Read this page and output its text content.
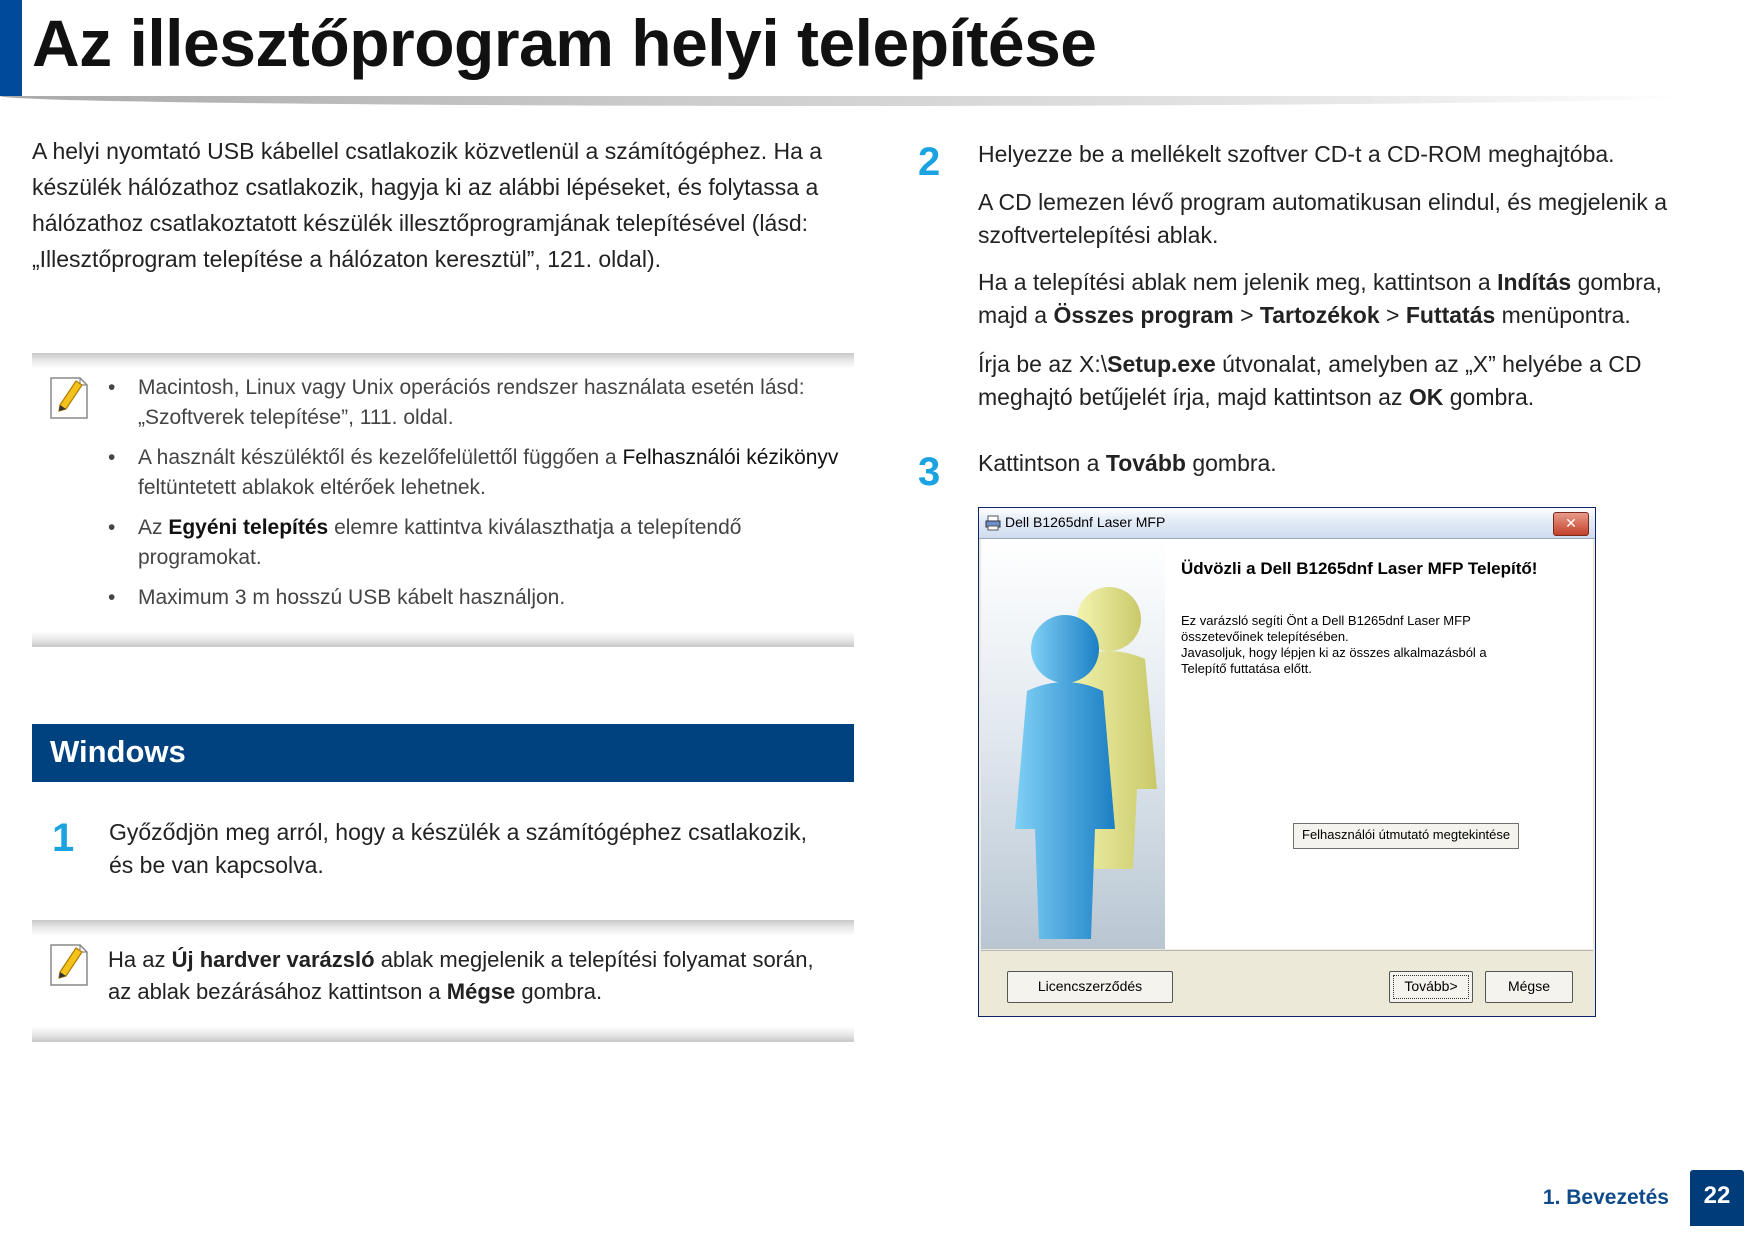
Az illesztőprogram helyi telepítése

A helyi nyomtató USB kábellel csatlakozik közvetlenül a számítógéphez. Ha a készülék hálózathoz csatlakozik, hagyja ki az alábbi lépéseket, és folytassa a hálózathoz csatlakoztatott készülék illesztőprogramjának telepítésével (lásd: „Illesztőprogram telepítése a hálózaton keresztül”, 121. oldal).

• Macintosh, Linux vagy Unix operációs rendszer használata esetén lásd: „Szoftverek telepítése”, 111. oldal.
• A használt készüléktől és kezelőfelülettől függően a Felhasználói kézikönyv feltüntetett ablakok eltérőek lehetnek.
• Az Egyéni telepítés elemre kattintva kiválaszthatja a telepítendő programokat.
• Maximum 3 m hosszú USB kábelt használjon.
Windows
1 Győződjön meg arról, hogy a készülék a számítógéphez csatlakozik, és be van kapcsolva.

Ha az Új hardver varázsló ablak megjelenik a telepítési folyamat során, az ablak bezárásához kattintson a Mégse gombra.
2 Helyezze be a mellékelt szoftver CD-t a CD-ROM meghajtóba.

A CD lemezen lévő program automatikusan elindul, és megjelenik a szoftvertelepítési ablak.

Ha a telepítési ablak nem jelenik meg, kattintson a Indítás gombra, majd a Összes program > Tartozékok > Futtatás menüpontra.

Írja be az X:\Setup.exe útvonalat, amelyben az „X” helyébe a CD meghajtó betűjelét írja, majd kattintson az OK gombra.

3 Kattintson a Tovább gombra.

Dell B1265dnf Laser MFP	✕
Üdvözli a Dell B1265dnf Laser MFP Telepítő!
Ez varázsló segíti Önt a Dell B1265dnf Laser MFP
összetevőinek telepítésében.
Javasoljuk, hogy lépjen ki az összes alkalmazásból a
Telepítő futtatása előtt.
Felhasználói útmutató megtekintése
Licencszerződés	Tovább>	Mégse
1. Bevezetés	22
